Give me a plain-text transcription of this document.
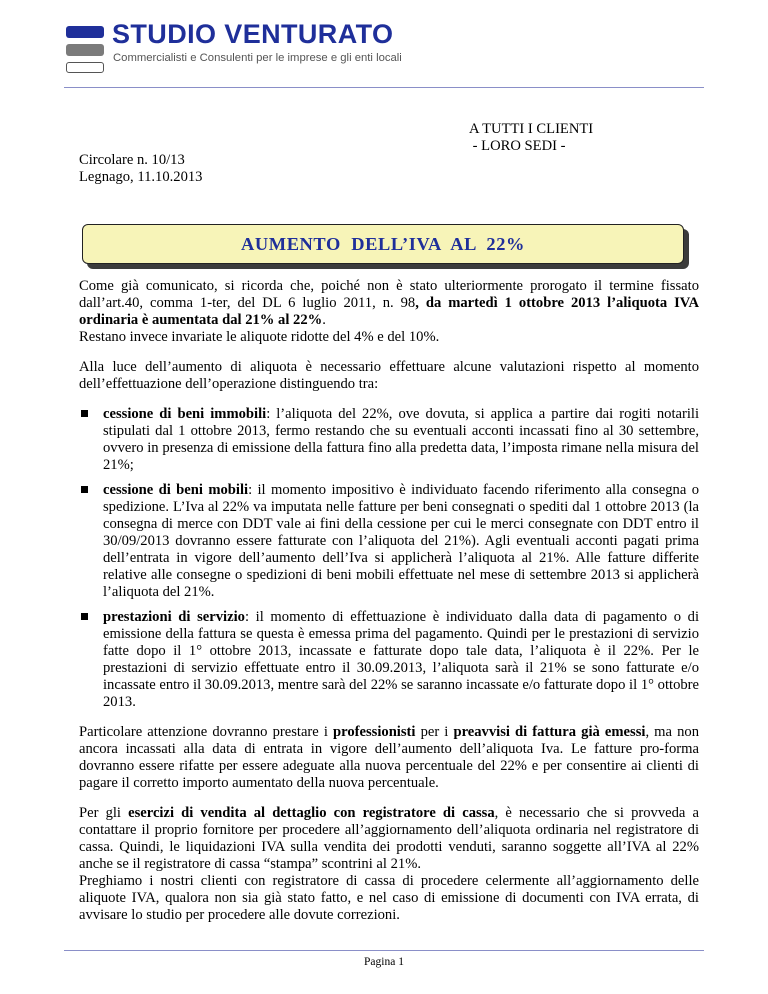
STUDIO VENTURATO

Commercialisti e Consulenti per le imprese e gli enti locali

A TUTTI I CLIENTI
- LORO SEDI -
Circolare n. 10/13
Legnago, 11.10.2013
AUMENTO  DELL’IVA  AL  22%

Come già comunicato, si ricorda che, poiché non è stato ulteriormente prorogato il termine fissato dall’art.40, comma 1-ter, del DL 6 luglio 2011, n. 98, da martedì 1 ottobre 2013 l’aliquota IVA ordinaria è aumentata dal 21% al 22%.
Restano invece invariate le aliquote ridotte del 4% e del 10%.

Alla luce dell’aumento di aliquota è necessario effettuare alcune valutazioni rispetto al momento dell’effettuazione dell’operazione distinguendo tra:

cessione di beni immobili: l’aliquota del 22%, ove dovuta, si applica a partire dai rogiti notarili stipulati dal 1 ottobre 2013, fermo restando che su eventuali acconti incassati fino al 30 settembre, ovvero in presenza di emissione della fattura fino alla predetta data, l’imposta rimane nella misura del 21%;
cessione di beni mobili: il momento impositivo è individuato facendo riferimento alla consegna o spedizione. L’Iva al 22% va imputata nelle fatture per beni consegnati o spediti dal 1 ottobre 2013 (la consegna di merce con DDT vale ai fini della cessione per cui le merci consegnate con DDT entro il 30/09/2013 dovranno essere fatturate con l’aliquota del 21%). Agli eventuali acconti pagati prima dell’entrata in vigore dell’aumento dell’Iva si applicherà l’aliquota al 21%. Alle fatture differite relative alle consegne o spedizioni di beni mobili effettuate nel mese di settembre 2013 si applicherà l’aliquota del 21%.
prestazioni di servizio: il momento di effettuazione è individuato dalla data di pagamento o di emissione della fattura se questa è emessa prima del pagamento. Quindi per le prestazioni di servizio fatte dopo il 1° ottobre 2013, incassate e fatturate dopo tale data, l’aliquota è il 22%. Per le prestazioni di servizio effettuate entro il 30.09.2013, l’aliquota sarà il 21% se sono fatturate e/o incassate entro il 30.09.2013, mentre sarà del 22% se saranno incassate e/o fatturate dopo il 1° ottobre 2013.

Particolare attenzione dovranno prestare i professionisti per i preavvisi di fattura già emessi, ma non ancora incassati alla data di entrata in vigore dell’aumento dell’aliquota Iva. Le fatture pro-forma dovranno essere rifatte per essere adeguate alla nuova percentuale del 22% e per consentire ai clienti di pagare il corretto importo aumentato della nuova percentuale.

Per gli esercizi di vendita al dettaglio con registratore di cassa, è necessario che si provveda a contattare il proprio fornitore per procedere all’aggiornamento dell’aliquota ordinaria nel registratore di cassa. Quindi, le liquidazioni IVA sulla vendita dei prodotti venduti, saranno soggette all’IVA al 22% anche se il registratore di cassa “stampa” scontrini al 21%.
Preghiamo i nostri clienti con registratore di cassa di procedere celermente all’aggiornamento delle aliquote IVA, qualora non sia già stato fatto, e nel caso di emissione di documenti con IVA errata, di avvisare lo studio per procedere alle dovute correzioni.

Pagina 1
